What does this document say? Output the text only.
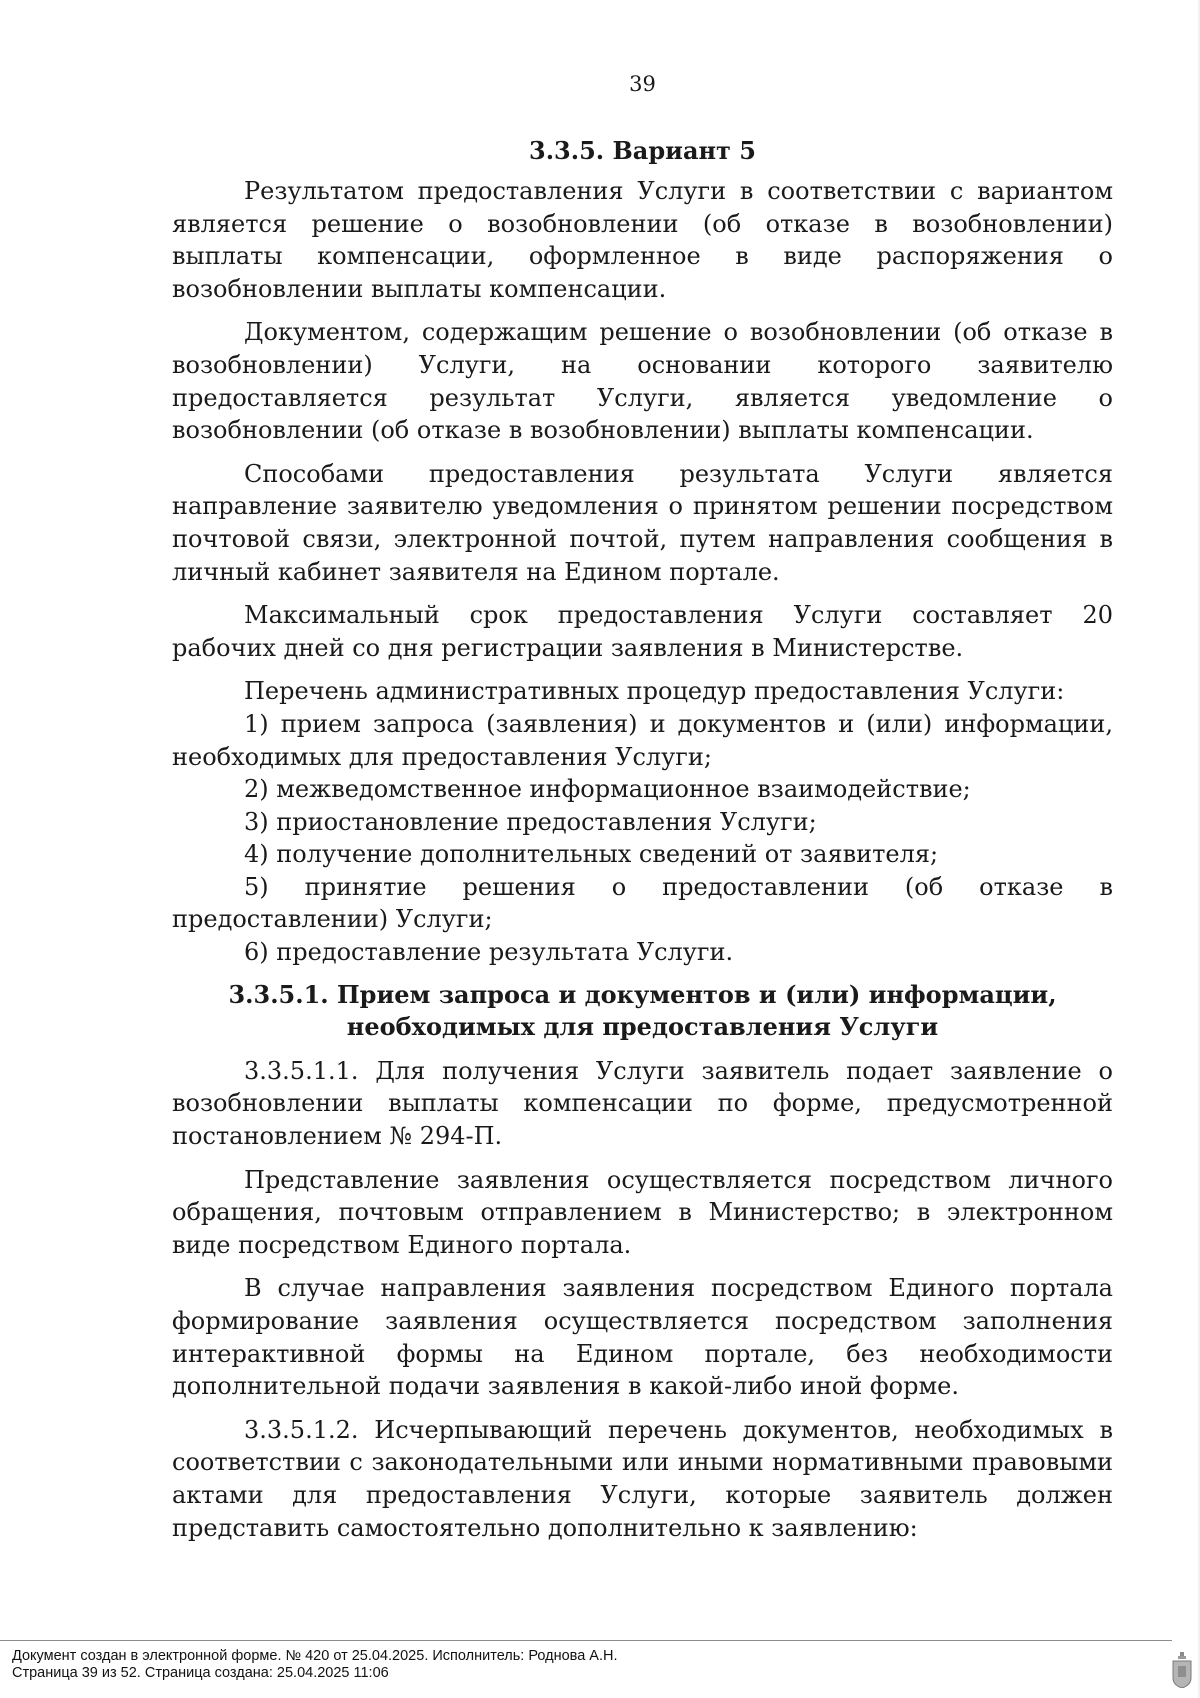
39
3.3.5. Вариант 5

Результатом предоставления Услуги в соответствии с вариантом является решение о возобновлении (об отказе в возобновлении) выплаты компенсации, оформленное в виде распоряжения о возобновлении выплаты компенсации.

Документом, содержащим решение о возобновлении (об отказе в возобновлении) Услуги, на основании которого заявителю предоставляется результат Услуги, является уведомление о возобновлении (об отказе в возобновлении) выплаты компенсации.

Способами предоставления результата Услуги является направление заявителю уведомления о принятом решении посредством почтовой связи, электронной почтой, путем направления сообщения в личный кабинет заявителя на Едином портале.

Максимальный срок предоставления Услуги составляет 20 рабочих дней со дня регистрации заявления в Министерстве.

Перечень административных процедур предоставления Услуги:

1) прием запроса (заявления) и документов и (или) информации, необходимых для предоставления Услуги;

2) межведомственное информационное взаимодействие;

3) приостановление предоставления Услуги;

4) получение дополнительных сведений от заявителя;

5) принятие решения о предоставлении (об отказе в предоставлении) Услуги;

6) предоставление результата Услуги.

3.3.5.1. Прием запроса и документов и (или) информации, необходимых для предоставления Услуги

3.3.5.1.1. Для получения Услуги заявитель подает заявление о возобновлении выплаты компенсации по форме, предусмотренной постановлением № 294-П.

Представление заявления осуществляется посредством личного обращения, почтовым отправлением в Министерство; в электронном виде посредством Единого портала.

В случае направления заявления посредством Единого портала формирование заявления осуществляется посредством заполнения интерактивной формы на Едином портале, без необходимости дополнительной подачи заявления в какой-либо иной форме.

3.3.5.1.2. Исчерпывающий перечень документов, необходимых в соответствии с законодательными или иными нормативными правовыми актами для предоставления Услуги, которые заявитель должен представить самостоятельно дополнительно к заявлению:

Документ создан в электронной форме. № 420 от 25.04.2025. Исполнитель: Роднова А.Н.
Страница 39 из 52. Страница создана: 25.04.2025 11:06
